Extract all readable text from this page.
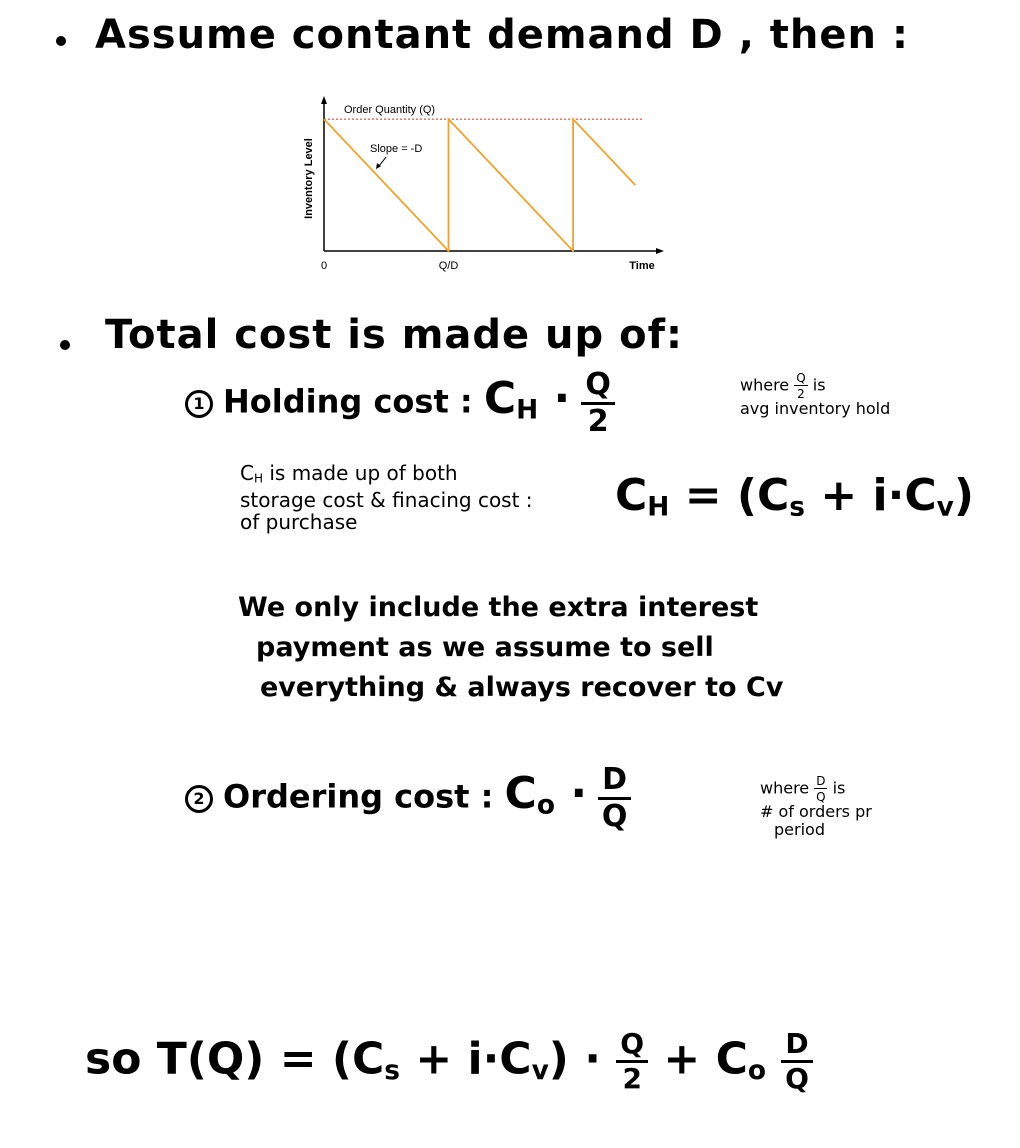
Assume contant demand D , then :
Order Quantity (Q)
Slope = -D
Inventory Level
0	Q/D	Time
Total cost is made up of:
1 Holding cost : $C_H \cdot \frac{Q}{2}$	where $\frac{Q}{2}$ is
avg inventory hold
$C_H$ is made up of both
storage cost & finacing cost :
of purchase
$C_H = (C_s + i\cdot C_v)$
We only include the extra interest
payment as we assume to sell
everything & always recover to Cv
2 Ordering cost : $C_o \cdot \frac{D}{Q}$	where $\frac{D}{Q}$ is
# of orders pr
period
so $T(Q) = (C_s + i\cdot C_v) \cdot \frac{Q}{2} + C_o \frac{D}{Q}$
